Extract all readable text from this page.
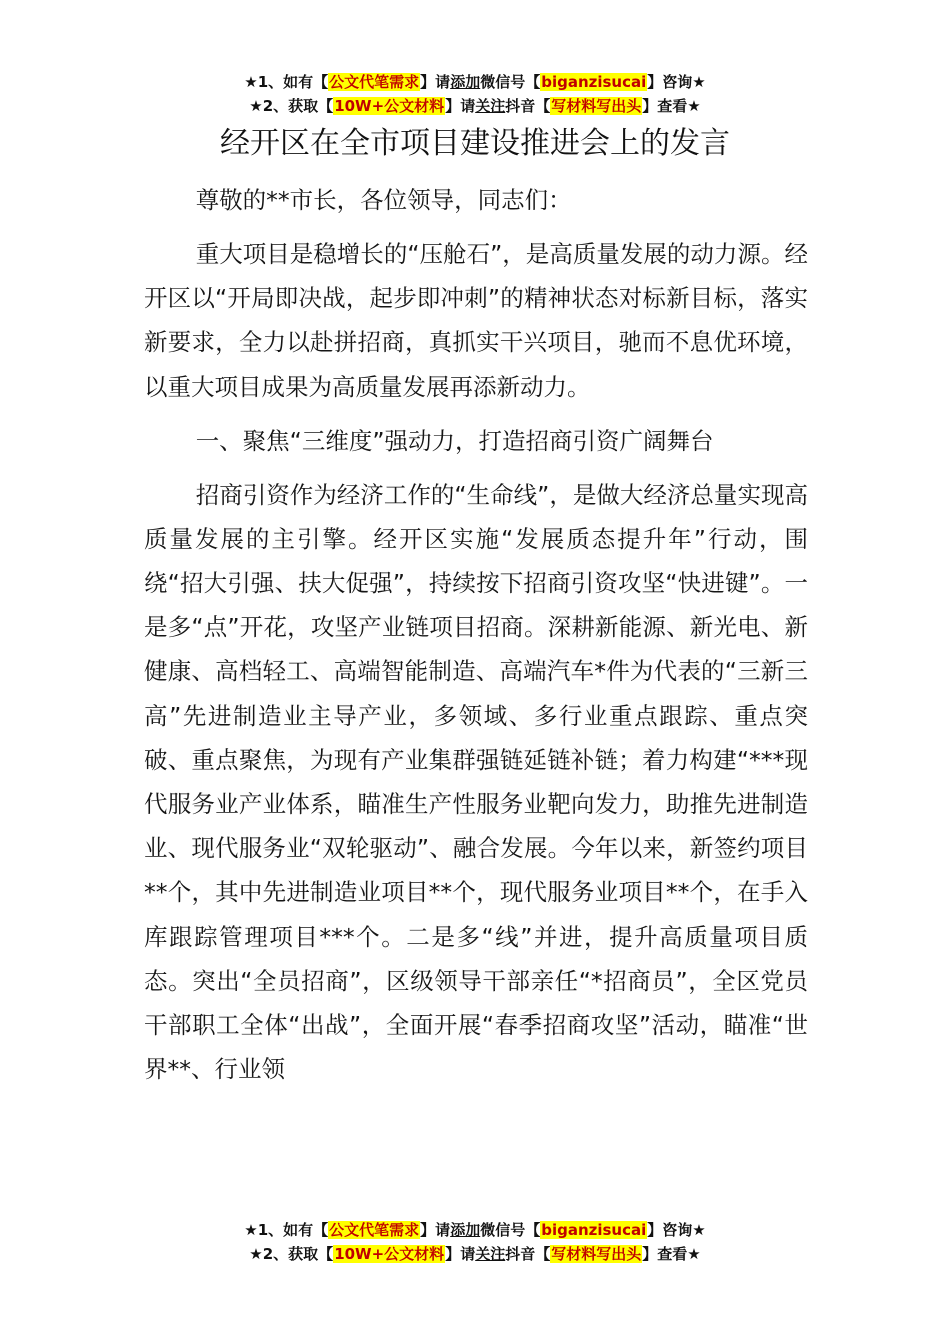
★1、如有【公文代笔需求】请添加微信号【biganzisucai】咨询★
★2、获取【10W+公文材料】请关注抖音【写材料写出头】查看★
经开区在全市项目建设推进会上的发言

尊敬的**市长，各位领导，同志们：

重大项目是稳增长的“压舱石”，是高质量发展的动力源。经开区以“开局即决战，起步即冲刺”的精神状态对标新目标，落实新要求，全力以赴拼招商，真抓实干兴项目，驰而不息优环境，以重大项目成果为高质量发展再添新动力。

一、聚焦“三维度”强动力，打造招商引资广阔舞台

招商引资作为经济工作的“生命线”，是做大经济总量实现高质量发展的主引擎。经开区实施“发展质态提升年”行动，围绕“招大引强、扶大促强”，持续按下招商引资攻坚“快进键”。一是多“点”开花，攻坚产业链项目招商。深耕新能源、新光电、新健康、高档轻工、高端智能制造、高端汽车*件为代表的“三新三高”先进制造业主导产业，多领域、多行业重点跟踪、重点突破、重点聚焦，为现有产业集群强链延链补链；着力构建“***现代服务业产业体系，瞄准生产性服务业靶向发力，助推先进制造业、现代服务业“双轮驱动”、融合发展。今年以来，新签约项目**个，其中先进制造业项目**个，现代服务业项目**个，在手入库跟踪管理项目***个。二是多“线”并进，提升高质量项目质态。突出“全员招商”，区级领导干部亲任“*招商员”，全区党员干部职工全体“出战”，全面开展“春季招商攻坚”活动，瞄准“世界**、行业领

★1、如有【公文代笔需求】请添加微信号【biganzisucai】咨询★
★2、获取【10W+公文材料】请关注抖音【写材料写出头】查看★
